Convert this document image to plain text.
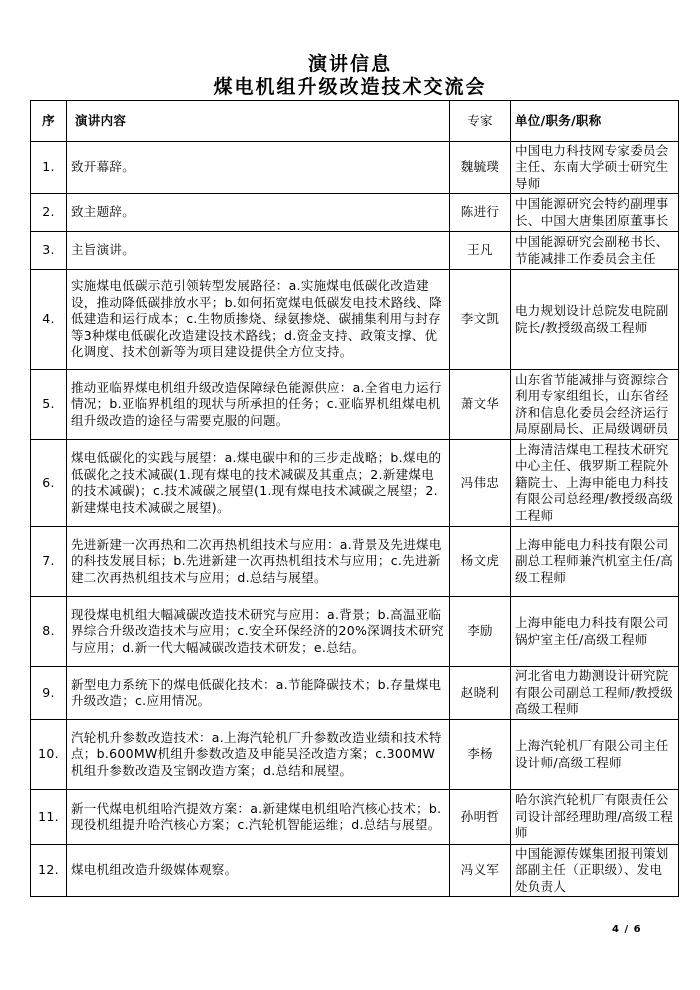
演讲信息
煤电机组升级改造技术交流会
序	演讲内容	专家	单位/职务/职称
1.	致开幕辞。	魏毓璞	中国电力科技网专家委员会主任、东南大学硕士研究生导师
2.	致主题辞。	陈进行	中国能源研究会特约副理事长、中国大唐集团原董事长
3.	主旨演讲。	王凡	中国能源研究会副秘书长、节能减排工作委员会主任
4.	实施煤电低碳示范引领转型发展路径：a.实施煤电低碳化改造建设，推动降低碳排放水平；b.如何拓宽煤电低碳发电技术路线、降低建造和运行成本；c.生物质掺烧、绿氨掺烧、碳捕集利用与封存等3种煤电低碳化改造建设技术路线；d.资金支持、政策支撑、优化调度、技术创新等为项目建设提供全方位支持。	李文凯	电力规划设计总院发电院副院长/教授级高级工程师
5.	推动亚临界煤电机组升级改造保障绿色能源供应：a.全省电力运行情况；b.亚临界机组的现状与所承担的任务；c.亚临界机组煤电机组升级改造的途径与需要克服的问题。	萧文华	山东省节能减排与资源综合利用专家组组长，山东省经济和信息化委员会经济运行局原副局长、正局级调研员
6.	煤电低碳化的实践与展望：a.煤电碳中和的三步走战略；b.煤电的低碳化之技术减碳(1.现有煤电的技术减碳及其重点；2.新建煤电的技术减碳)；c.技术减碳之展望(1.现有煤电技术减碳之展望；2.新建煤电技术减碳之展望)。	冯伟忠	上海清洁煤电工程技术研究中心主任、俄罗斯工程院外籍院士、上海申能电力科技有限公司总经理/教授级高级工程师
7.	先进新建一次再热和二次再热机组技术与应用：a.背景及先进煤电的科技发展目标；b.先进新建一次再热机组技术与应用；c.先进新建二次再热机组技术与应用；d.总结与展望。	杨文虎	上海申能电力科技有限公司副总工程师兼汽机室主任/高级工程师
8.	现役煤电机组大幅减碳改造技术研究与应用：a.背景；b.高温亚临界综合升级改造技术与应用；c.安全环保经济的20%深调技术研究与应用；d.新一代大幅减碳改造技术研发；e.总结。	李励	上海申能电力科技有限公司锅炉室主任/高级工程师
9.	新型电力系统下的煤电低碳化技术：a.节能降碳技术；b.存量煤电升级改造；c.应用情况。	赵晓利	河北省电力勘测设计研究院有限公司副总工程师/教授级高级工程师
10.	汽轮机升参数改造技术：a.上海汽轮机厂升参数改造业绩和技术特点；b.600MW机组升参数改造及申能吴泾改造方案；c.300MW机组升参数改造及宝钢改造方案；d.总结和展望。	李杨	上海汽轮机厂有限公司主任设计师/高级工程师
11.	新一代煤电机组哈汽提效方案：a.新建煤电机组哈汽核心技术；b.现役机组提升哈汽核心方案；c.汽轮机智能运维；d.总结与展望。	孙明哲	哈尔滨汽轮机厂有限责任公司设计部经理助理/高级工程师
12.	煤电机组改造升级媒体观察。	冯义军	中国能源传媒集团报刊策划部副主任（正职级）、发电处负责人
4 / 6
